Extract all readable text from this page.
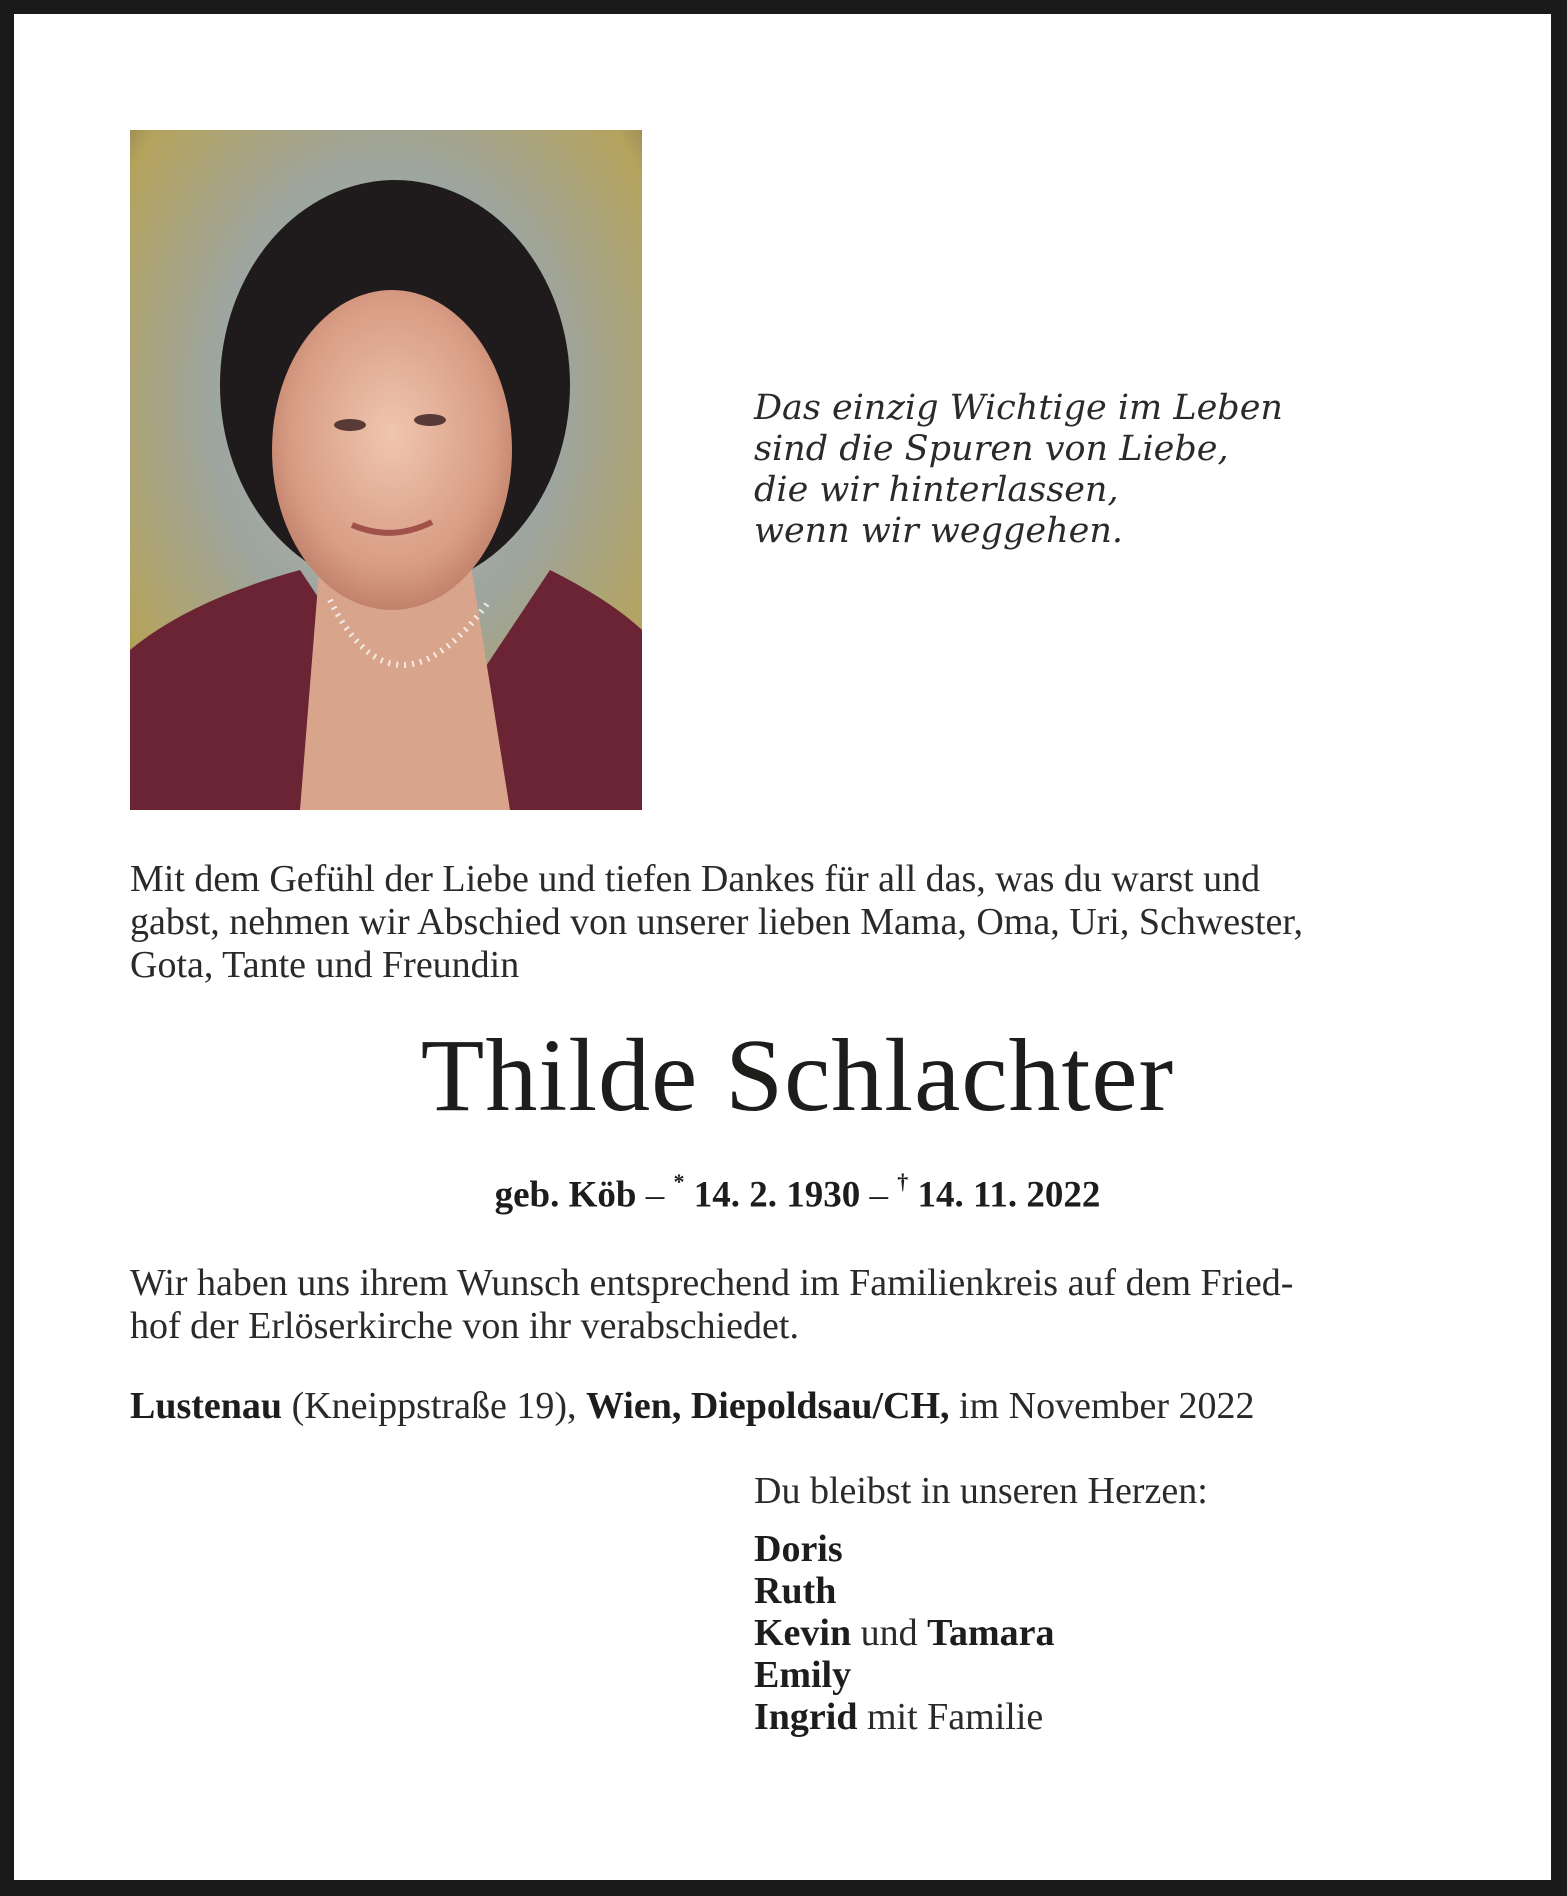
Das einzig Wichtige im Leben
sind die Spuren von Liebe,
die wir hinterlassen,
wenn wir weggehen.
Mit dem Gefühl der Liebe und tiefen Dankes für all das, was du warst und
gabst, nehmen wir Abschied von unserer lieben Mama, Oma, Uri, Schwester,
Gota, Tante und Freundin
Thilde Schlachter
geb. Köb – * 14. 2. 1930 – † 14. 11. 2022
Wir haben uns ihrem Wunsch entsprechend im Familienkreis auf dem Fried-
hof der Erlöserkirche von ihr verabschiedet.
Lustenau (Kneippstraße 19), Wien, Diepoldsau/CH, im November 2022
Du bleibst in unseren Herzen:
Doris
Ruth
Kevin und Tamara
Emily
Ingrid mit Familie
